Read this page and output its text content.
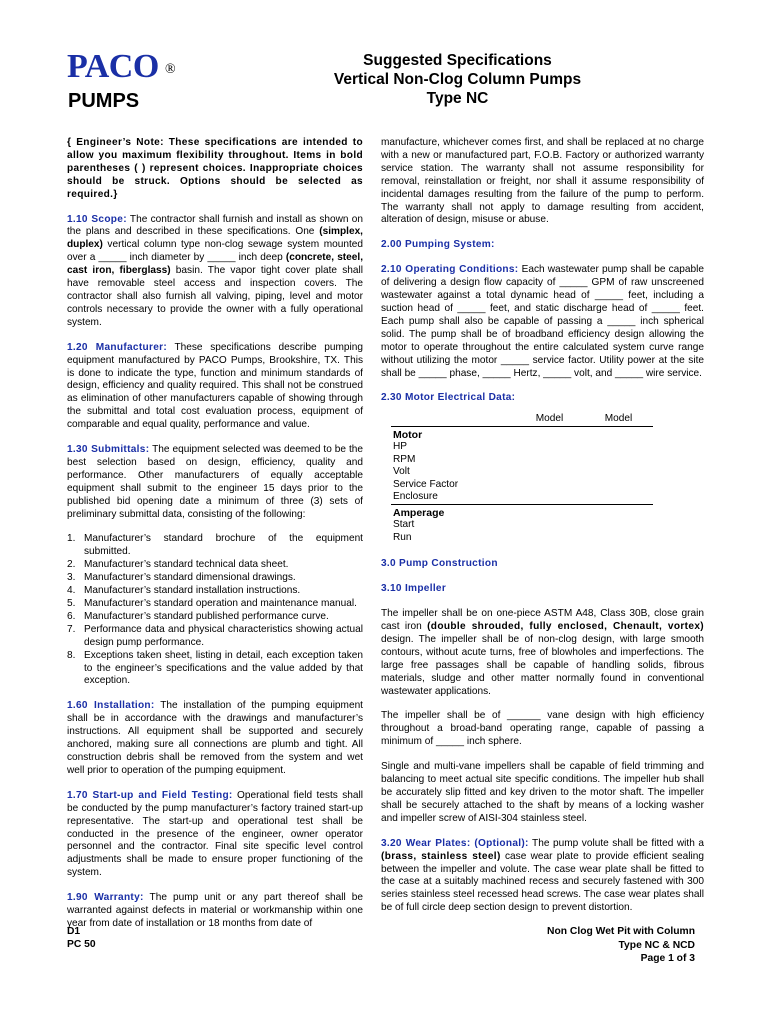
PACO ®
PUMPS
Suggested Specifications
Vertical Non-Clog Column Pumps
Type NC

{ Engineer’s Note: These specifications are intended to allow you maximum flexibility throughout. Items in bold parentheses ( ) represent choices. Inappropriate choices should be struck. Options should be selected as required.}

1.10 Scope: The contractor shall furnish and install as shown on the plans and described in these specifications. One (simplex, duplex) vertical column type non-clog sewage system mounted over a _____ inch diameter by _____ inch deep (concrete, steel, cast iron, fiberglass) basin. The vapor tight cover plate shall have removable steel access and inspection covers. The contractor shall also furnish all valving, piping, level and motor controls necessary to provide the owner with a fully operational system.

1.20 Manufacturer: These specifications describe pumping equipment manufactured by PACO Pumps, Brookshire, TX. This is done to indicate the type, function and minimum standards of design, efficiency and quality required. This shall not be construed as elimination of other manufacturers capable of showing through the submittal and total cost evaluation process, equipment of comparable and equal quality, performance and value.

1.30 Submittals: The equipment selected was deemed to be the best selection based on design, efficiency, quality and performance. Other manufacturers of equally acceptable equipment shall submit to the engineer 15 days prior to the published bid opening date a minimum of three (3) sets of preliminary submittal data, consisting of the following:

1. Manufacturer’s standard brochure of the equipment submitted.
2. Manufacturer’s standard technical data sheet.
3. Manufacturer’s standard dimensional drawings.
4. Manufacturer’s standard installation instructions.
5. Manufacturer’s standard operation and maintenance manual.
6. Manufacturer’s standard published performance curve.
7. Performance data and physical characteristics showing actual design pump performance.
8. Exceptions taken sheet, listing in detail, each exception taken to the engineer’s specifications and the value added by that exception.

1.60 Installation: The installation of the pumping equipment shall be in accordance with the drawings and manufacturer’s instructions. All equipment shall be supported and securely anchored, making sure all connections are plumb and tight. All construction debris shall be removed from the system and wet well prior to operation of the pumping equipment.

1.70 Start-up and Field Testing: Operational field tests shall be conducted by the pump manufacturer’s factory trained start-up representative. The start-up and operational test shall be conducted in the presence of the engineer, owner operator personnel and the contractor. Final site specific level control adjustments shall be made to ensure proper functioning of the system.

1.90 Warranty: The pump unit or any part thereof shall be warranted against defects in material or workmanship within one year from date of installation or 18 months from date of

manufacture, whichever comes first, and shall be replaced at no charge with a new or manufactured part, F.O.B. Factory or authorized warranty service station. The warranty shall not assume responsibility for removal, reinstallation or freight, nor shall it assume responsibility of incidental damages resulting from the failure of the pump to perform. The warranty shall not apply to damage resulting from accident, alteration of design, misuse or abuse.

2.00 Pumping System:

2.10 Operating Conditions: Each wastewater pump shall be capable of delivering a design flow capacity of _____ GPM of raw unscreened wastewater against a total dynamic head of _____ feet, including a suction head of _____ feet, and static discharge head of _____ feet. Each pump shall also be capable of passing a _____ inch spherical solid. The pump shall be of broadband efficiency design allowing the motor to operate throughout the entire calculated system curve range without utilizing the motor _____ service factor. Utility power at the site shall be _____ phase, _____ Hertz, _____ volt, and _____ wire service.

2.30 Motor Electrical Data:

	Model	Model
Motor		
HP		
RPM		
Volt		
Service Factor		
Enclosure		
Amperage		
Start		
Run		

3.0 Pump Construction

3.10 Impeller

The impeller shall be on one-piece ASTM A48, Class 30B, close grain cast iron (double shrouded, fully enclosed, Chenault, vortex) design. The impeller shall be of non-clog design, with large smooth contours, without acute turns, free of blowholes and imperfections. The large free passages shall be capable of handling solids, fibrous materials, sludge and other matter normally found in conventional wastewater applications.

The impeller shall be of ______ vane design with high efficiency throughout a broad-band operating range, capable of passing a minimum of _____ inch sphere.

Single and multi-vane impellers shall be capable of field trimming and balancing to meet actual site specific conditions. The impeller hub shall be accurately slip fitted and key driven to the motor shaft. The impeller shall be securely attached to the shaft by means of a locking washer and impeller screw of AISI-304 stainless steel.

3.20 Wear Plates: (Optional): The pump volute shall be fitted with a (brass, stainless steel) case wear plate to provide efficient sealing between the impeller and volute. The case wear plate shall be fitted to the case at a suitably machined recess and securely fastened with 300 series stainless steel recessed head screws. The case wear plates shall be of full circle deep section design to prevent distortion.

D1
PC 50
Non Clog Wet Pit with Column
Type NC & NCD
Page 1 of 3
